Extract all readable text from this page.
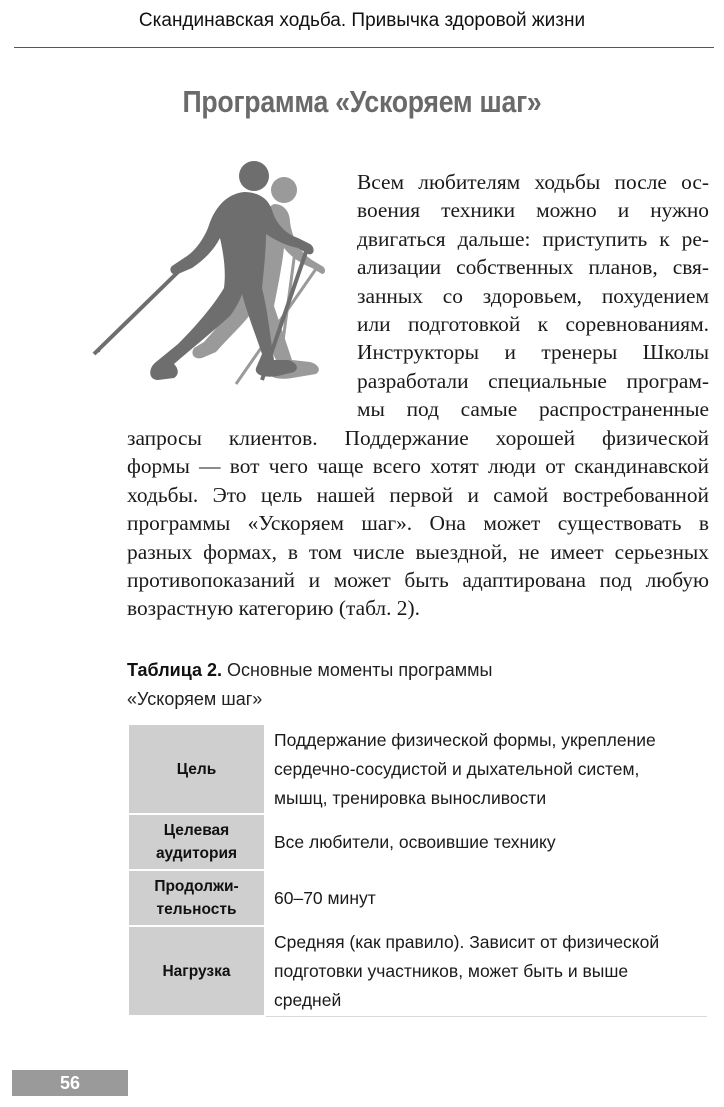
Скандинавская ходьба. Привычка здоровой жизни
Программа «Ускоряем шаг»
Всем любителям ходьбы после ос-
воения техники можно и нужно
двигаться дальше: приступить к ре-
ализации собственных планов, свя-
занных со здоровьем, похудением
или подготовкой к соревнованиям.
Инструкторы и тренеры Школы
разработали специальные програм-
мы под самые распространенные
запросы клиентов. Поддержание хорошей физической
формы — вот чего чаще всего хотят люди от скандинавской
ходьбы. Это цель нашей первой и самой востребованной
программы «Ускоряем шаг». Она может существовать в
разных формах, в том числе выездной, не имеет серьезных
противопоказаний и может быть адаптирована под любую
возрастную категорию (табл. 2).
Таблица 2. Основные моменты программы
«Ускоряем шаг»
Цель	Поддержание физической формы, укрепление
сердечно-сосудистой и дыхательной систем,
мышц, тренировка выносливости
Целевая
аудитория	Все любители, освоившие технику
Продолжи-
тельность	60–70 минут
Нагрузка	Средняя (как правило). Зависит от физической
подготовки участников, может быть и выше
средней
56
